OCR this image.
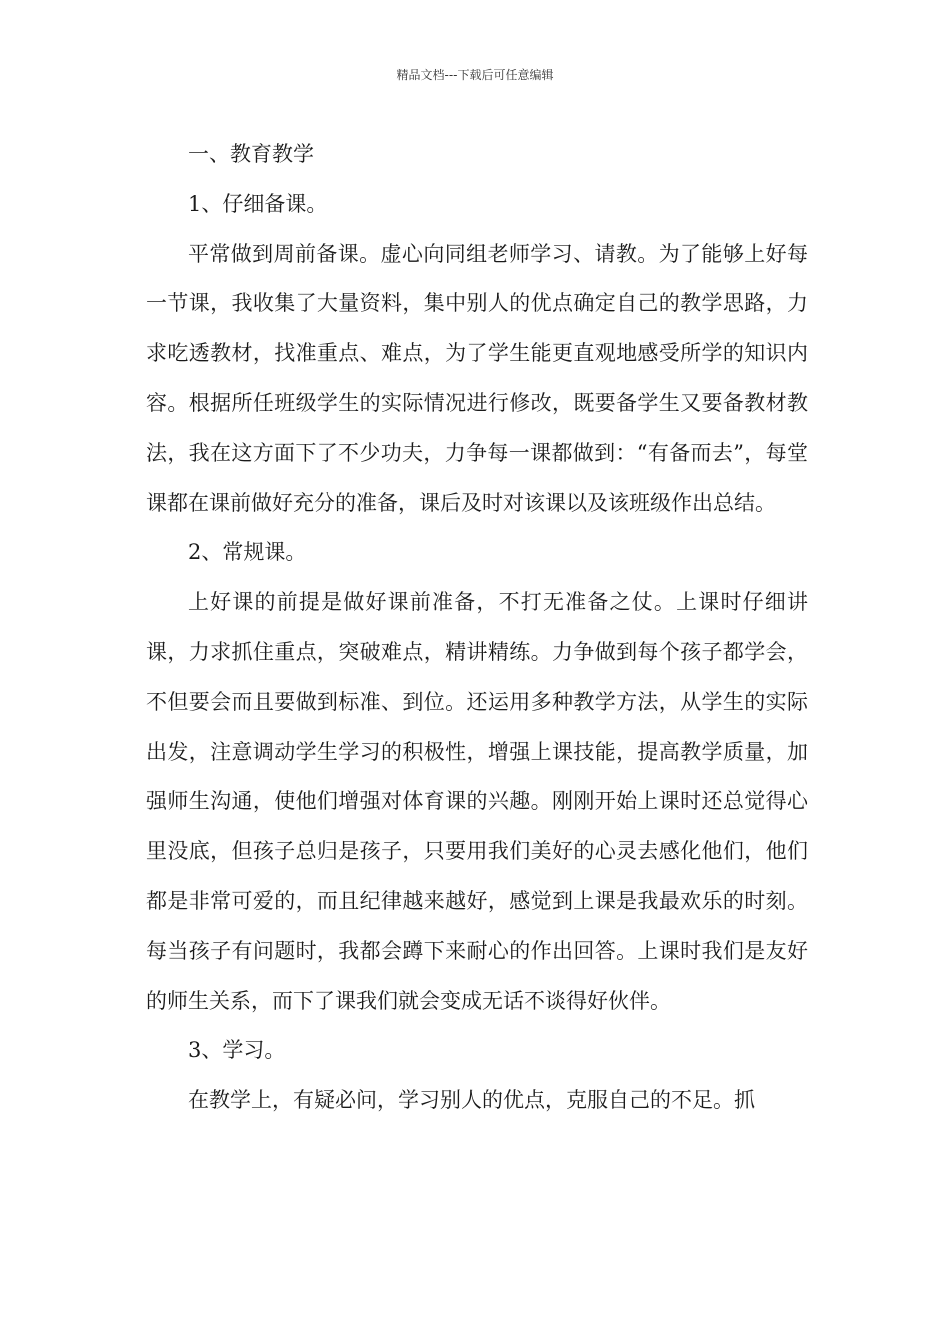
精品文档---下载后可任意编辑

一、教育教学

1、仔细备课。

平常做到周前备课。虚心向同组老师学习、请教。为了能够上好每一节课，我收集了大量资料，集中别人的优点确定自己的教学思路，力求吃透教材，找准重点、难点，为了学生能更直观地感受所学的知识内容。根据所任班级学生的实际情况进行修改，既要备学生又要备教材教法，我在这方面下了不少功夫，力争每一课都做到：“有备而去”，每堂课都在课前做好充分的准备，课后及时对该课以及该班级作出总结。

2、常规课。

上好课的前提是做好课前准备，不打无准备之仗。上课时仔细讲课，力求抓住重点，突破难点，精讲精练。力争做到每个孩子都学会，不但要会而且要做到标准、到位。还运用多种教学方法，从学生的实际出发，注意调动学生学习的积极性，增强上课技能，提高教学质量，加强师生沟通，使他们增强对体育课的兴趣。刚刚开始上课时还总觉得心里没底，但孩子总归是孩子，只要用我们美好的心灵去感化他们，他们都是非常可爱的，而且纪律越来越好，感觉到上课是我最欢乐的时刻。每当孩子有问题时，我都会蹲下来耐心的作出回答。上课时我们是友好的师生关系，而下了课我们就会变成无话不谈得好伙伴。

3、学习。

在教学上，有疑必问，学习别人的优点，克服自己的不足。抓
